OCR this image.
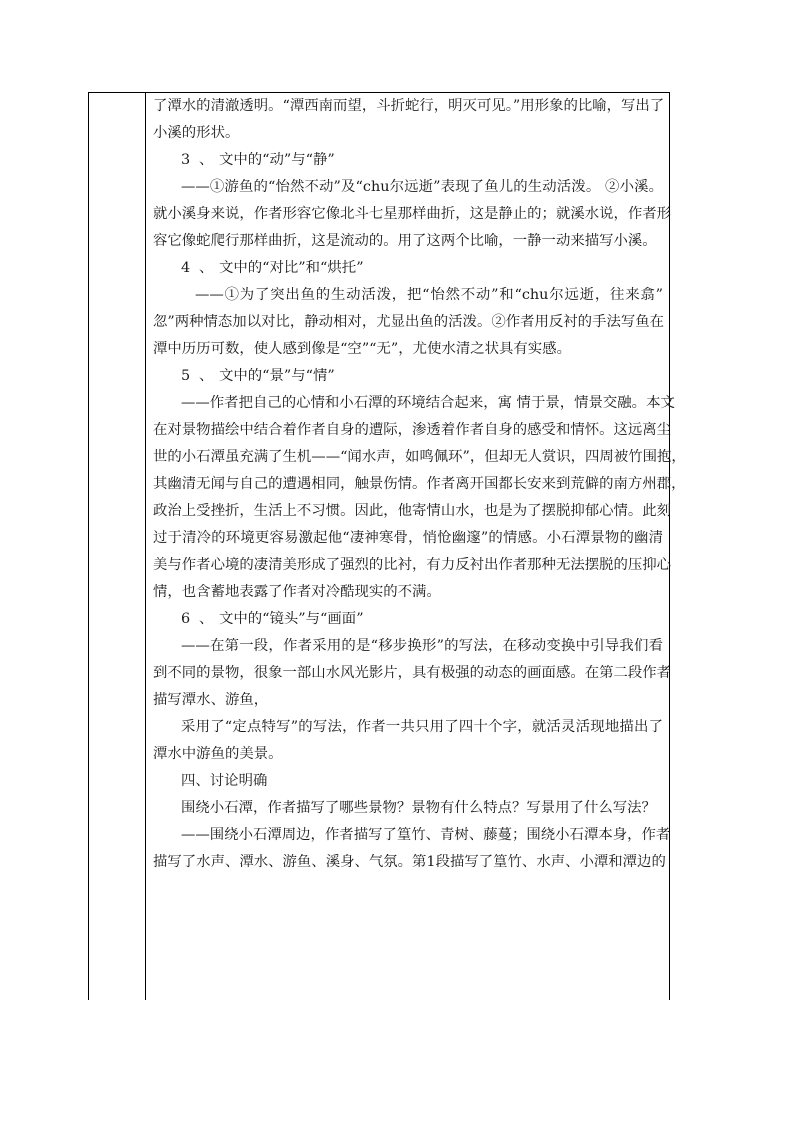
了潭水的清澈透明。“潭西南而望，斗折蛇行，明灭可见。”用形象的比喻，写出了
小溪的形状。
3 、 文中的“动”与“静”
——①游鱼的“怡然不动”及“chu尔远逝”表现了鱼儿的生动活泼。 ②小溪。
就小溪身来说，作者形容它像北斗七星那样曲折，这是静止的；就溪水说，作者形
容它像蛇爬行那样曲折，这是流动的。用了这两个比喻，一静一动来描写小溪。
4 、 文中的“对比”和“烘托”
——①为了突出鱼的生动活泼，把“怡然不动”和“chu尔远逝，往来翕”
忽”两种情态加以对比，静动相对，尤显出鱼的活泼。②作者用反衬的手法写鱼在
潭中历历可数，使人感到像是“空”“无”，尤使水清之状具有实感。
5 、 文中的“景”与“情”
——作者把自己的心情和小石潭的环境结合起来，寓 情于景，情景交融。本文
在对景物描绘中结合着作者自身的遭际，渗透着作者自身的感受和情怀。这远离尘
世的小石潭虽充满了生机——“闻水声，如鸣佩环”，但却无人赏识，四周被竹围抱，
其幽清无闻与自己的遭遇相同，触景伤情。作者离开国都长安来到荒僻的南方州郡，
政治上受挫折，生活上不习惯。因此，他寄情山水，也是为了摆脱抑郁心情。此刻
过于清冷的环境更容易激起他“凄神寒骨，悄怆幽邃”的情感。小石潭景物的幽清
美与作者心境的凄清美形成了强烈的比衬，有力反衬出作者那种无法摆脱的压抑心
情，也含蓄地表露了作者对冷酷现实的不满。
6 、 文中的“镜头”与“画面”
——在第一段，作者采用的是“移步换形”的写法，在移动变换中引导我们看
到不同的景物，很象一部山水风光影片，具有极强的动态的画面感。在第二段作者
描写潭水、游鱼，
采用了“定点特写”的写法，作者一共只用了四十个字，就活灵活现地描出了
潭水中游鱼的美景。
四、讨论明确
围绕小石潭，作者描写了哪些景物？景物有什么特点？写景用了什么写法？
——围绕小石潭周边，作者描写了篁竹、青树、藤蔓；围绕小石潭本身，作者
描写了水声、潭水、游鱼、溪身、气氛。第1段描写了篁竹、水声、小潭和潭边的
